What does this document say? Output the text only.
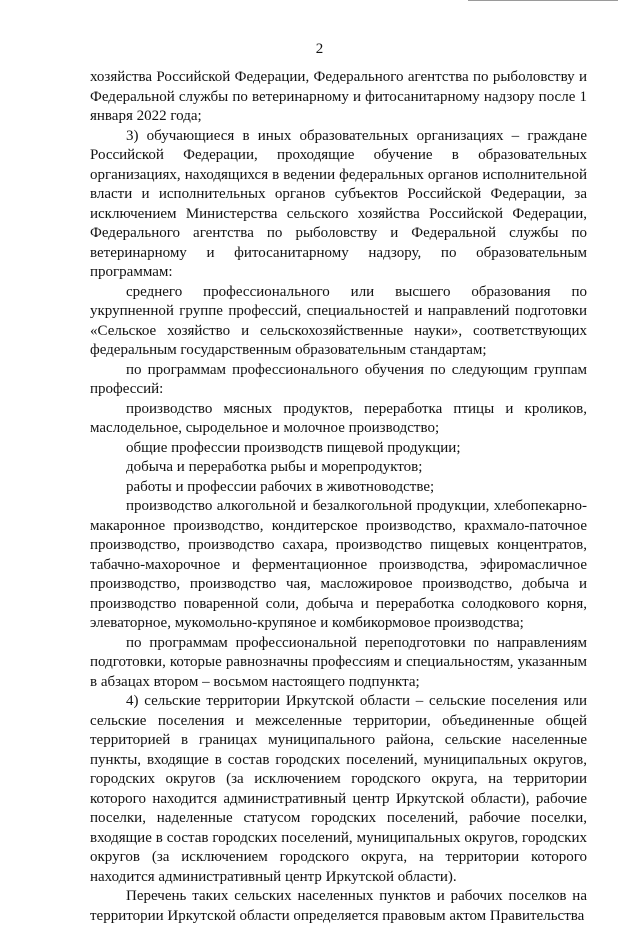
2

хозяйства Российской Федерации, Федерального агентства по рыболовству и Федеральной службы по ветеринарному и фитосанитарному надзору после 1 января 2022 года;

3) обучающиеся в иных образовательных организациях – граждане Российской Федерации, проходящие обучение в образовательных организациях, находящихся в ведении федеральных органов исполнительной власти и исполнительных органов субъектов Российской Федерации, за исключением Министерства сельского хозяйства Российской Федерации, Федерального агентства по рыболовству и Федеральной службы по ветеринарному и фитосанитарному надзору, по образовательным программам:

среднего профессионального или высшего образования по укрупненной группе профессий, специальностей и направлений подготовки «Сельское хозяйство и сельскохозяйственные науки», соответствующих федеральным государственным образовательным стандартам;

по программам профессионального обучения по следующим группам профессий:

производство мясных продуктов, переработка птицы и кроликов, маслодельное, сыродельное и молочное производство;

общие профессии производств пищевой продукции;

добыча и переработка рыбы и морепродуктов;

работы и профессии рабочих в животноводстве;

производство алкогольной и безалкогольной продукции, хлебопекарно-макаронное производство, кондитерское производство, крахмало-паточное производство, производство сахара, производство пищевых концентратов, табачно-махорочное и ферментационное производства, эфиромасличное производство, производство чая, масложировое производство, добыча и производство поваренной соли, добыча и переработка солодкового корня, элеваторное, мукомольно-крупяное и комбикормовое производства;

по программам профессиональной переподготовки по направлениям подготовки, которые равнозначны профессиям и специальностям, указанным в абзацах втором – восьмом настоящего подпункта;

4) сельские территории Иркутской области – сельские поселения или сельские поселения и межселенные территории, объединенные общей территорией в границах муниципального района, сельские населенные пункты, входящие в состав городских поселений, муниципальных округов, городских округов (за исключением городского округа, на территории которого находится административный центр Иркутской области), рабочие поселки, наделенные статусом городских поселений, рабочие поселки, входящие в состав городских поселений, муниципальных округов, городских округов (за исключением городского округа, на территории которого находится административный центр Иркутской области).

Перечень таких сельских населенных пунктов и рабочих поселков на территории Иркутской области определяется правовым актом Правительства
